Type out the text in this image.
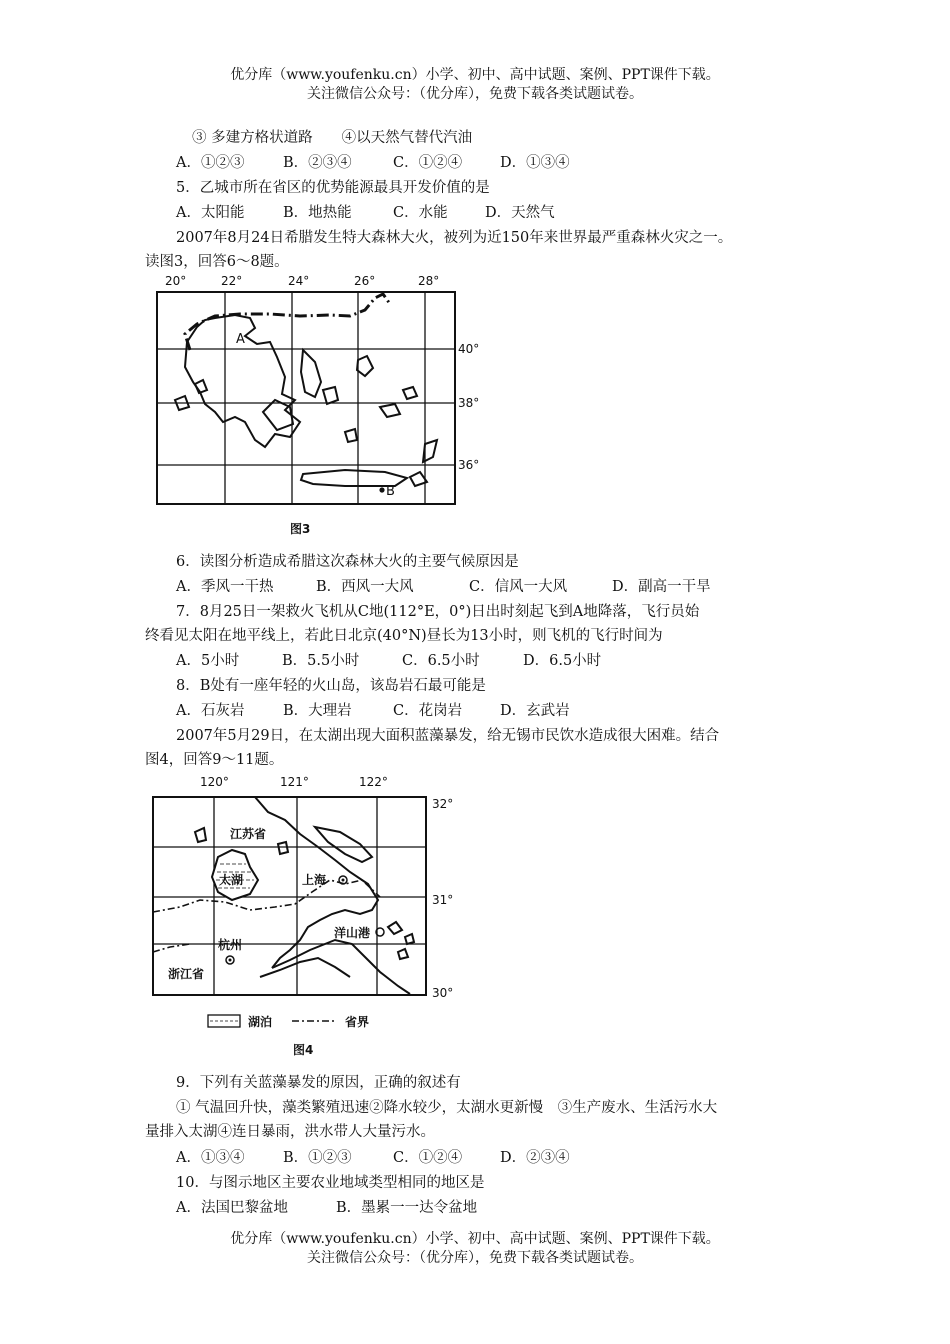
优分库（www.youfenku.cn）小学、初中、高中试题、案例、PPT课件下载。
关注微信公众号：（优分库），免费下载各类试题试卷。
③ 多建方格状道路　　④以天然气替代汽油
A．①②③	B．②③④	C．①②④	D．①③④
5．乙城市所在省区的优势能源最具开发价值的是
A．太阳能	B．地热能	C．水能	D．天然气
2007年8月24日希腊发生特大森林大火，被列为近150年来世界最严重森林火灾之一。
读图3，回答6～8题。
20°	22°	24°	26°	28°
40°
38°
36°
A
B
图3
6．读图分析造成希腊这次森林大火的主要气候原因是
A．季风一干热	B．西风一大风	C．信风一大风	D．副高一干旱
7．8月25日一架救火飞机从C地(112°E，0°)日出时刻起飞到A地降落，飞行员始
终看见太阳在地平线上，若此日北京(40°N)昼长为13小时，则飞机的飞行时间为
A．5小时	B．5.5小时	C．6.5小时	D．6.5小时
8．B处有一座年轻的火山岛，该岛岩石最可能是
A．石灰岩	B．大理岩	C．花岗岩	D．玄武岩
2007年5月29日，在太湖出现大面积蓝藻暴发，给无锡市民饮水造成很大困难。结合
图4，回答9～11题。
120°	121°	122°
32°
31°
30°
江苏省
太湖	上海
洋山港
杭州
浙江省
湖泊	省界
图4
9．下列有关蓝藻暴发的原因，正确的叙述有
① 气温回升快，藻类繁殖迅速②降水较少，太湖水更新慢　③生产废水、生活污水大
量排入太湖④连日暴雨，洪水带人大量污水。
A．①③④	B．①②③	C．①②④	D．②③④
10．与图示地区主要农业地域类型相同的地区是
A．法国巴黎盆地	B．墨累一一达令盆地
优分库（www.youfenku.cn）小学、初中、高中试题、案例、PPT课件下载。
关注微信公众号：（优分库），免费下载各类试题试卷。
